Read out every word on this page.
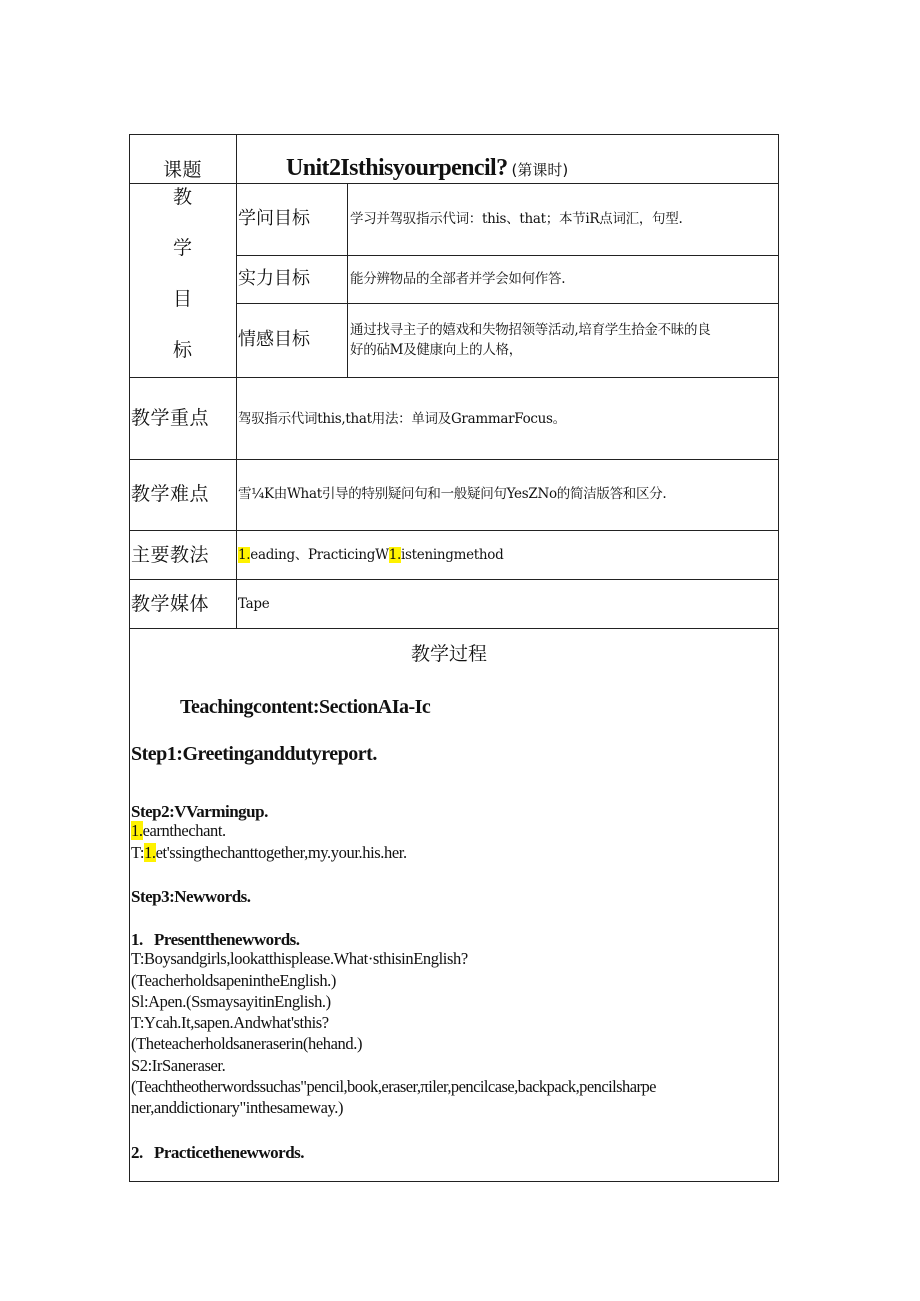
课题	Unit2Isthisyourpencil? (第课时)
教
学
目
标
学问目标	学习并驾驭指示代词：this、that；本节iR点词汇，句型.
实力目标	能分辨物品的全部者并学会如何作答.
情感目标	通过找寻主子的嬉戏和失物招领等活动,培育学生拾金不昧的良
好的砧M及健康向上的人格，
教学重点 驾驭指示代词this,that用法：单词及GrammarFocus。
教学难点 雪¼K由What引导的特别疑问句和一般疑问句YesZNo的简洁版答和区分.
主要教法 1.eading、PracticingW1.isteningmethod
教学媒体 Tape
教学过程
Teachingcontent:SectionAIa-Ic
Step1:Greetinganddutyreport.
Step2:VVarmingup.
1.earnthechant.
T:1.et'ssingthechanttogether,my.your.his.her.
Step3:Newwords.
1.   Presentthenewwords.
T:Boysandgirls,lookatthisplease.What·sthisinEnglish?
(TeacherholdsapenintheEnglish.)
Sl:Apen.(SsmaysayitinEnglish.)
T:Ycah.It,sapen.Andwhat'sthis?
(Theteacherholdsaneraserin(hehand.)
S2:IrSaneraser.
(Teachtheotherwordssuchas"pencil,book,eraser,πiler,pencilcase,backpack,pencilsharpe
ner,anddictionary"inthesameway.)
2.   Practicethenewwords.
